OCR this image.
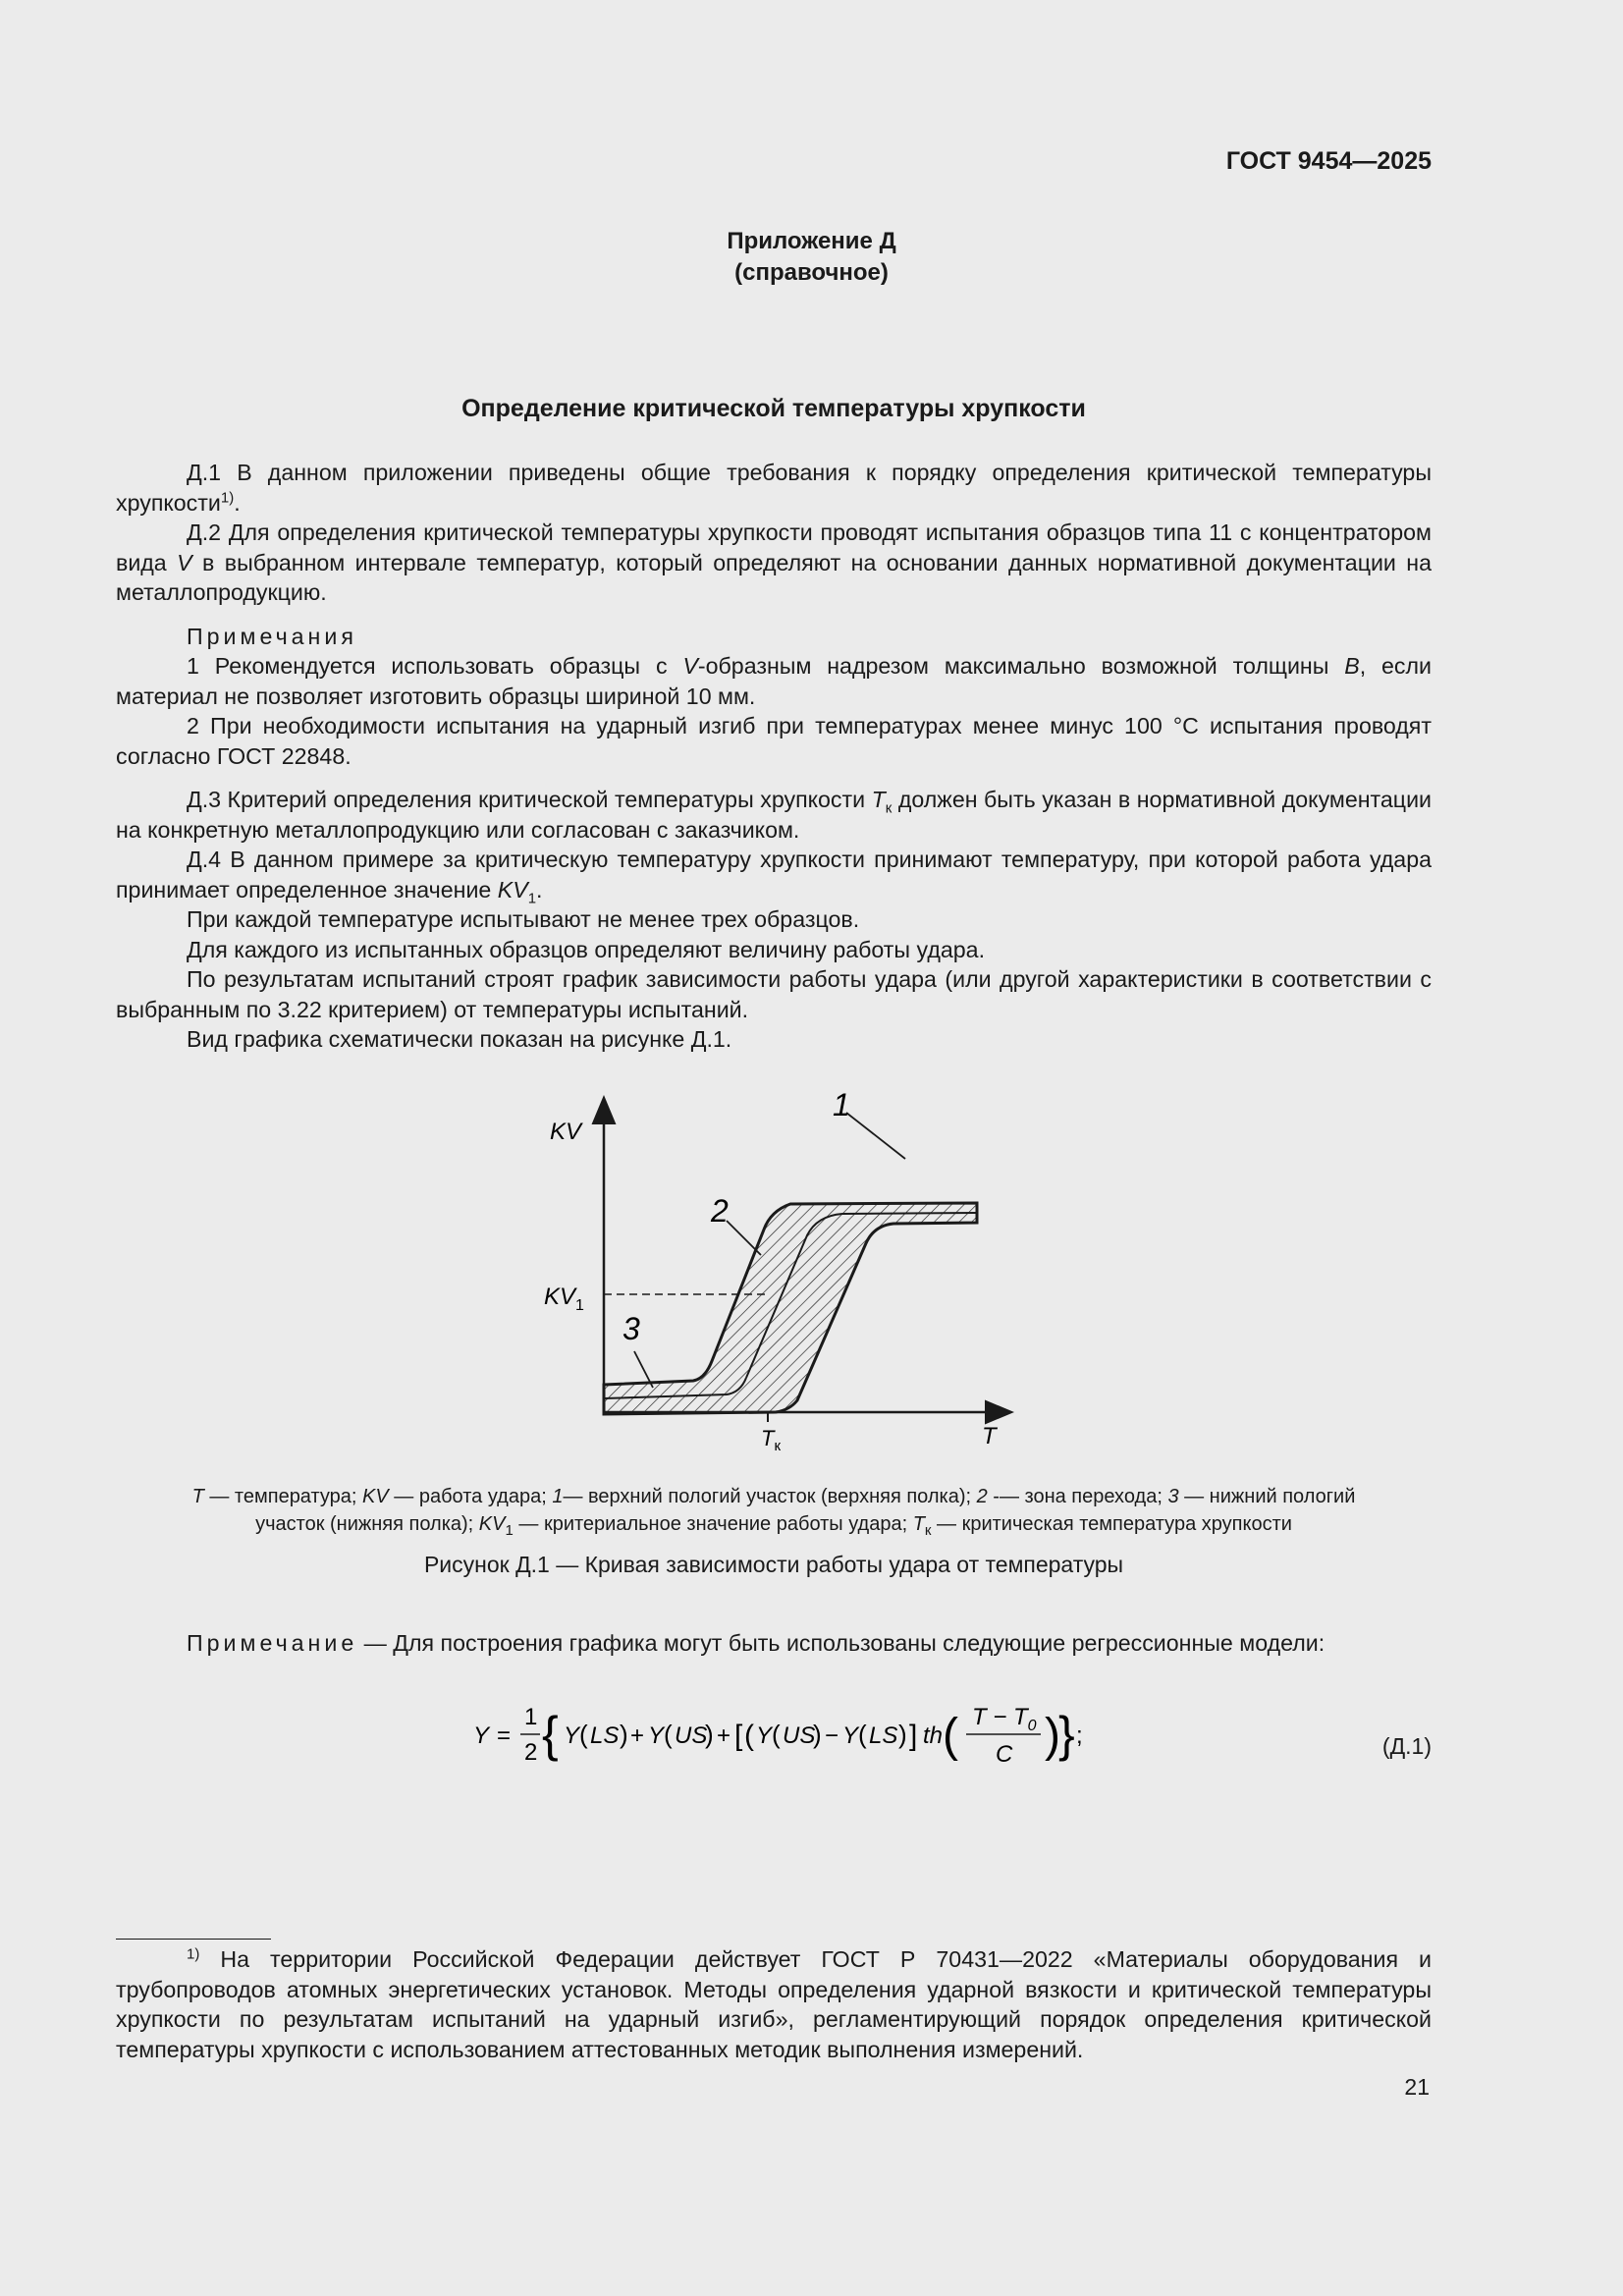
ГОСТ 9454—2025
Приложение Д
(справочное)
Определение критической температуры хрупкости

Д.1 В данном приложении приведены общие требования к порядку определения критической температуры хрупкости$^{1)}$.

Д.2 Для определения критической температуры хрупкости проводят испытания образцов типа 11 с концентратором вида V в выбранном интервале температур, который определяют на основании данных нормативной документации на металлопродукцию.

Примечания

1 Рекомендуется использовать образцы с V-образным надрезом максимально возможной толщины B, если материал не позволяет изготовить образцы шириной 10 мм.

2 При необходимости испытания на ударный изгиб при температурах менее минус 100 °С испытания проводят согласно ГОСТ 22848.

Д.3 Критерий определения критической температуры хрупкости $T_к$ должен быть указан в нормативной документации на конкретную металлопродукцию или согласован с заказчиком.

Д.4 В данном примере за критическую температуру хрупкости принимают температуру, при которой работа удара принимает определенное значение $KV_1$.

При каждой температуре испытывают не менее трех образцов.

Для каждого из испытанных образцов определяют величину работы удара.

По результатам испытаний строят график зависимости работы удара (или другой характеристики в соответствии с выбранным по 3.22 критерием) от температуры испытаний.

Вид графика схематически показан на рисунке Д.1.

KV
T
$KV_1$
$T_к$
1
2
3
T — температура; KV — работа удара; 1— верхний пологий участок (верхняя полка); 2 -— зона перехода; 3 — нижний пологий
участок (нижняя полка); $KV_1$ — критериальное значение работы удара; $T_к$ — критическая температура хрупкости
Рисунок Д.1 — Кривая зависимости работы удара от температуры
Примечание — Для построения графика могут быть использованы следующие регрессионные модели:
Y =
1
2 { Y ( LS ) + Y ( US
) + [ ( Y ( US
) − Y ( LS ) ] th ( $T - T_0$
C )
} ;	(Д.1)

$^{1)}$ На территории Российской Федерации действует ГОСТ Р 70431—2022 «Материалы оборудования и трубопроводов атомных энергетических установок. Методы определения ударной вязкости и критической температуры хрупкости по результатам испытаний на ударный изгиб», регламентирующий порядок определения критической температуры хрупкости с использованием аттестованных методик выполнения измерений.

21
